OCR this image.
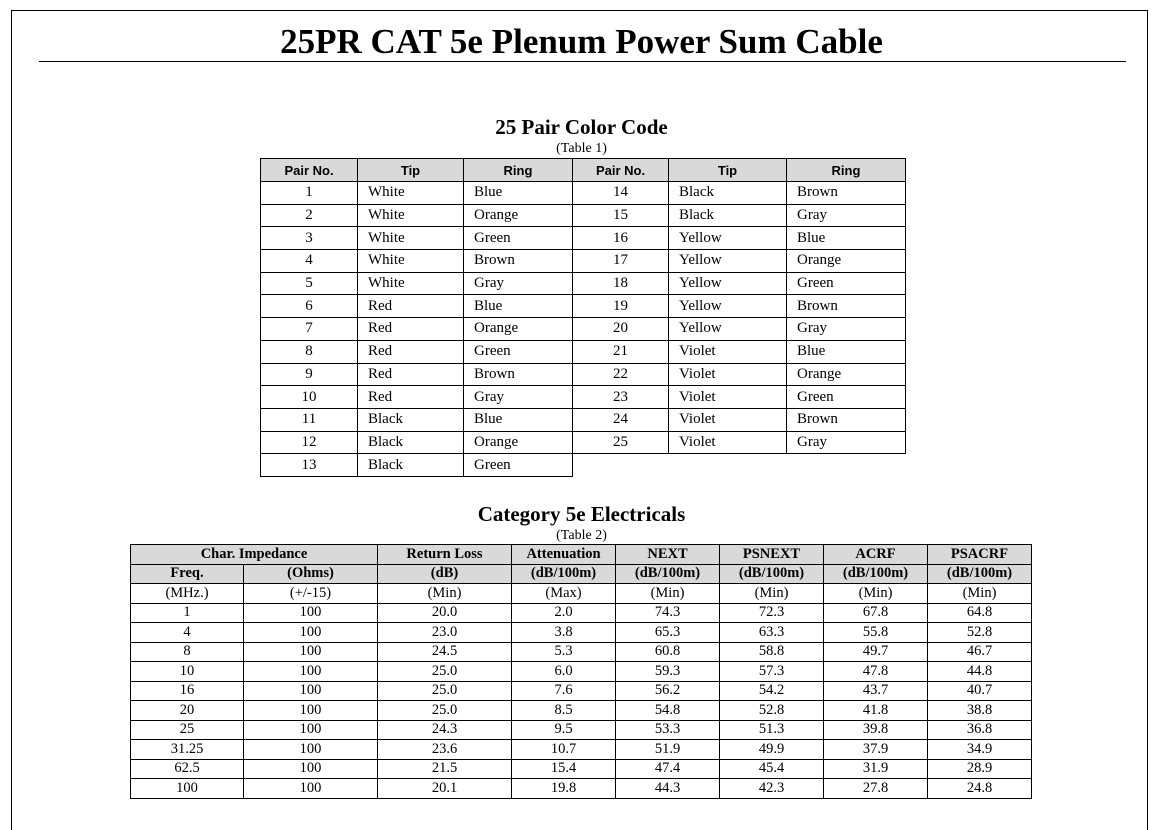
25PR CAT 5e Plenum Power Sum Cable
25 Pair Color Code
(Table 1)
Pair No.	Tip	Ring	Pair No.	Tip	Ring
1	White	Blue	14	Black	Brown
2	White	Orange	15	Black	Gray
3	White	Green	16	Yellow	Blue
4	White	Brown	17	Yellow	Orange
5	White	Gray	18	Yellow	Green
6	Red	Blue	19	Yellow	Brown
7	Red	Orange	20	Yellow	Gray
8	Red	Green	21	Violet	Blue
9	Red	Brown	22	Violet	Orange
10	Red	Gray	23	Violet	Green
11	Black	Blue	24	Violet	Brown
12	Black	Orange	25	Violet	Gray
13	Black	Green			
Category 5e Electricals
(Table 2)
Char. Impedance		Return Loss	Attenuation	NEXT	PSNEXT	ACRF	PSACRF
Freq.	(Ohms)	(dB)	(dB/100m)	(dB/100m)	(dB/100m)	(dB/100m)	(dB/100m)
(MHz.)	(+/-15)	(Min)	(Max)	(Min)	(Min)	(Min)	(Min)
1	100	20.0	2.0	74.3	72.3	67.8	64.8
4	100	23.0	3.8	65.3	63.3	55.8	52.8
8	100	24.5	5.3	60.8	58.8	49.7	46.7
10	100	25.0	6.0	59.3	57.3	47.8	44.8
16	100	25.0	7.6	56.2	54.2	43.7	40.7
20	100	25.0	8.5	54.8	52.8	41.8	38.8
25	100	24.3	9.5	53.3	51.3	39.8	36.8
31.25	100	23.6	10.7	51.9	49.9	37.9	34.9
62.5	100	21.5	15.4	47.4	45.4	31.9	28.9
100	100	20.1	19.8	44.3	42.3	27.8	24.8
